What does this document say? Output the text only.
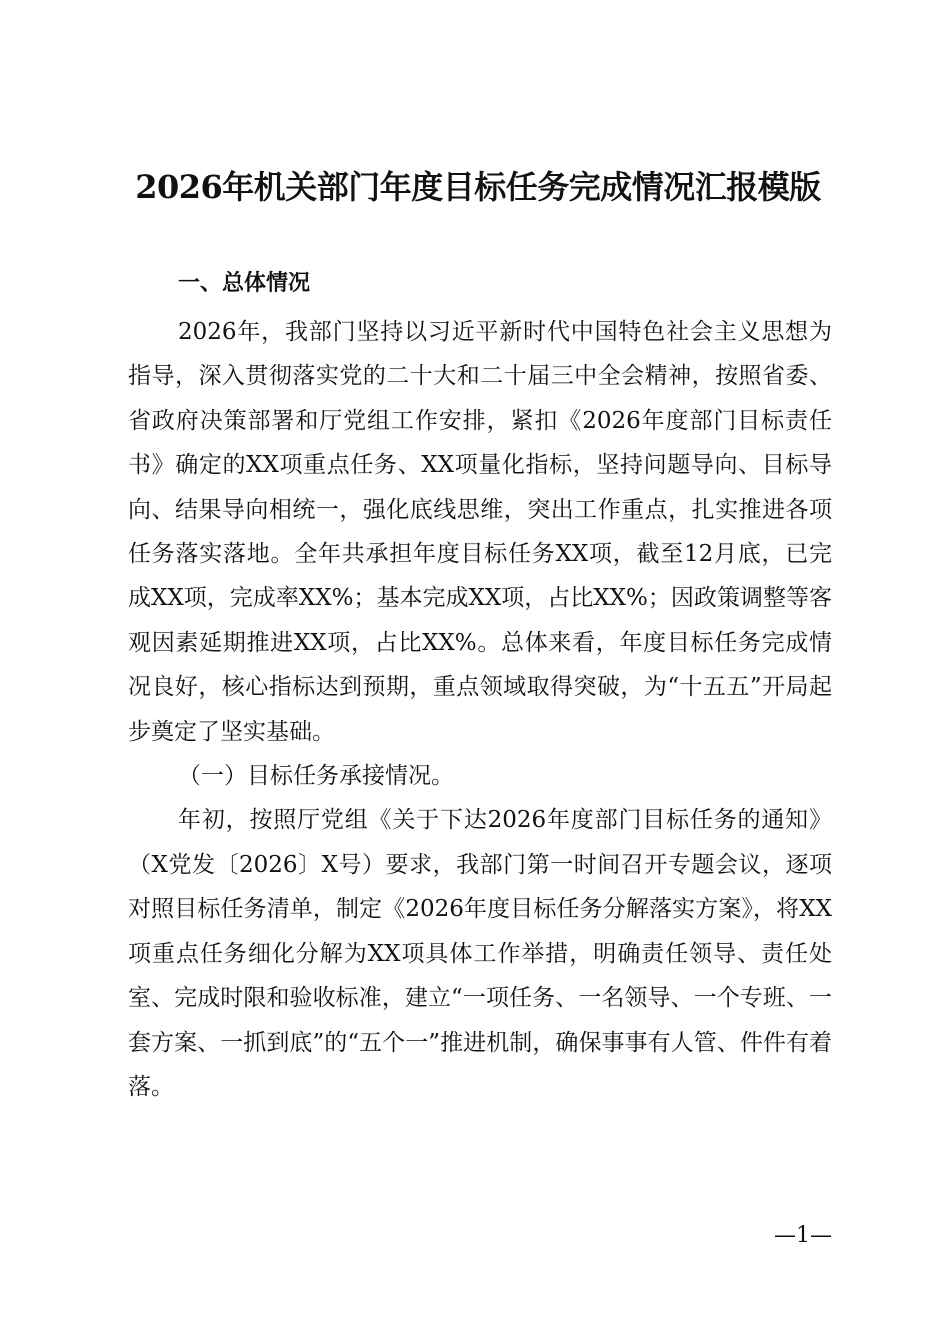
2026年机关部门年度目标任务完成情况汇报模版
一、总体情况

2026年，我部门坚持以习近平新时代中国特色社会主义思想为指导，深入贯彻落实党的二十大和二十届三中全会精神，按照省委、省政府决策部署和厅党组工作安排，紧扣《2026年度部门目标责任书》确定的XX项重点任务、XX项量化指标，坚持问题导向、目标导向、结果导向相统一，强化底线思维，突出工作重点，扎实推进各项任务落实落地。全年共承担年度目标任务XX项，截至12月底，已完成XX项，完成率XX%；基本完成XX项，占比XX%；因政策调整等客观因素延期推进XX项，占比XX%。总体来看，年度目标任务完成情况良好，核心指标达到预期，重点领域取得突破，为“十五五”开局起步奠定了坚实基础。

（一）目标任务承接情况。

年初，按照厅党组《关于下达2026年度部门目标任务的通知》（X党发〔2026〕X号）要求，我部门第一时间召开专题会议，逐项对照目标任务清单，制定《2026年度目标任务分解落实方案》，将XX项重点任务细化分解为XX项具体工作举措，明确责任领导、责任处室、完成时限和验收标准，建立“一项任务、一名领导、一个专班、一套方案、一抓到底”的“五个一”推进机制，确保事事有人管、件件有着落。

—1—
